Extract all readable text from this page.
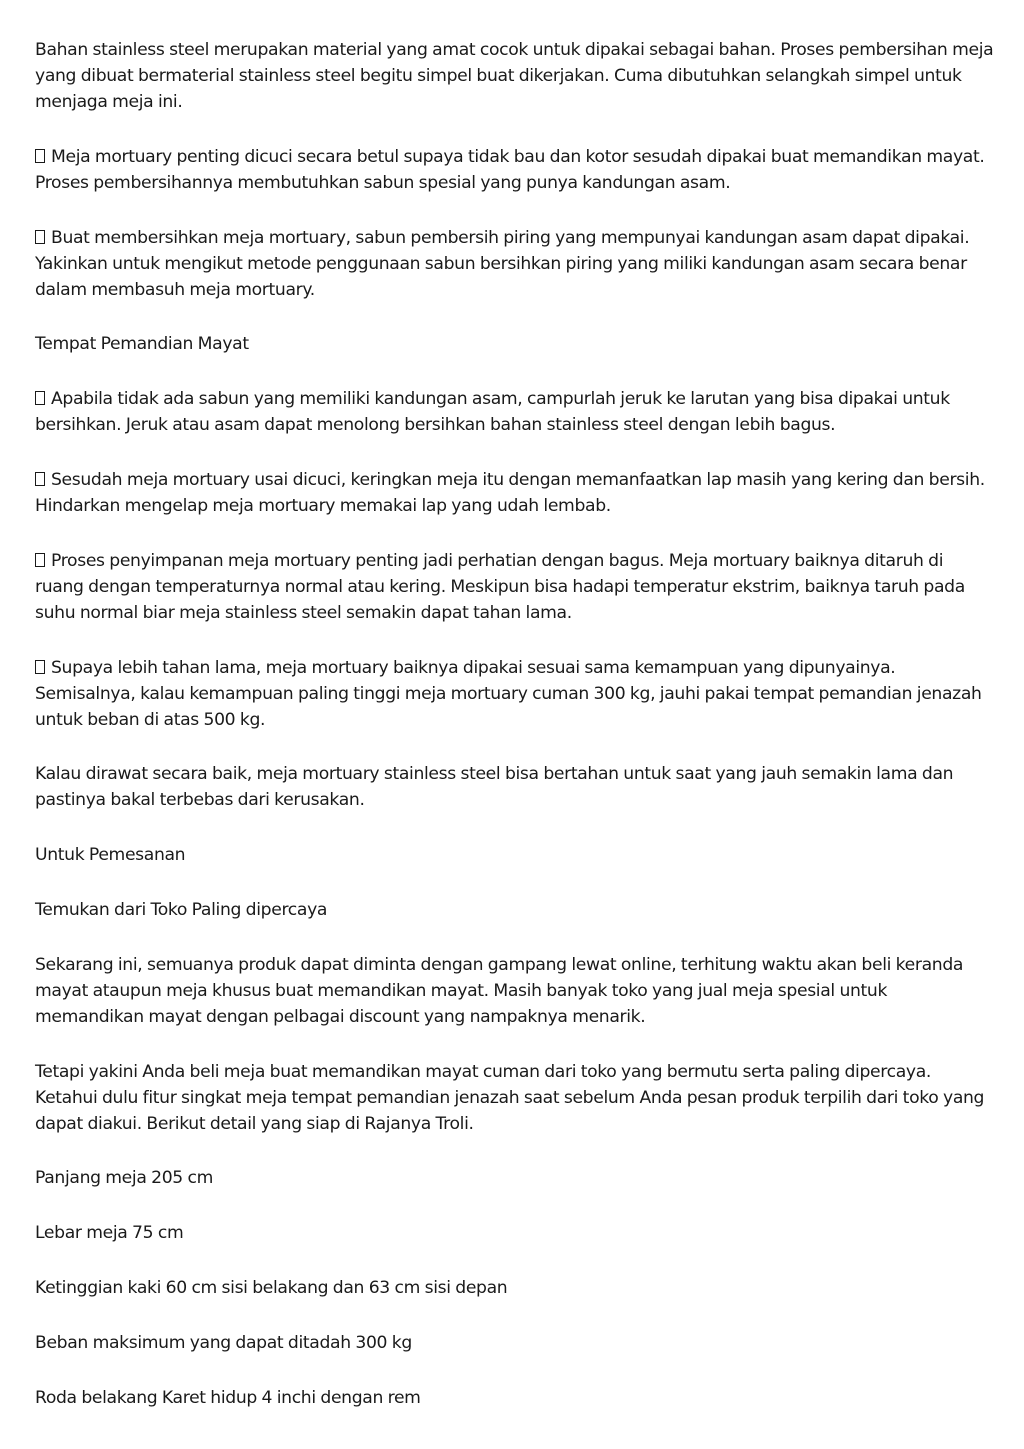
Bahan stainless steel merupakan material yang amat cocok untuk dipakai sebagai bahan. Proses pembersihan meja yang dibuat bermaterial stainless steel begitu simpel buat dikerjakan. Cuma dibutuhkan selangkah simpel untuk menjaga meja ini.

Meja mortuary penting dicuci secara betul supaya tidak bau dan kotor sesudah dipakai buat memandikan mayat. Proses pembersihannya membutuhkan sabun spesial yang punya kandungan asam.

Buat membersihkan meja mortuary, sabun pembersih piring yang mempunyai kandungan asam dapat dipakai. Yakinkan untuk mengikut metode penggunaan sabun bersihkan piring yang miliki kandungan asam secara benar dalam membasuh meja mortuary.

Tempat Pemandian Mayat

Apabila tidak ada sabun yang memiliki kandungan asam, campurlah jeruk ke larutan yang bisa dipakai untuk bersihkan. Jeruk atau asam dapat menolong bersihkan bahan stainless steel dengan lebih bagus.

Sesudah meja mortuary usai dicuci, keringkan meja itu dengan memanfaatkan lap masih yang kering dan bersih. Hindarkan mengelap meja mortuary memakai lap yang udah lembab.

Proses penyimpanan meja mortuary penting jadi perhatian dengan bagus. Meja mortuary baiknya ditaruh di ruang dengan temperaturnya normal atau kering. Meskipun bisa hadapi temperatur ekstrim, baiknya taruh pada suhu normal biar meja stainless steel semakin dapat tahan lama.

Supaya lebih tahan lama, meja mortuary baiknya dipakai sesuai sama kemampuan yang dipunyainya. Semisalnya, kalau kemampuan paling tinggi meja mortuary cuman 300 kg, jauhi pakai tempat pemandian jenazah untuk beban di atas 500 kg.

Kalau dirawat secara baik, meja mortuary stainless steel bisa bertahan untuk saat yang jauh semakin lama dan pastinya bakal terbebas dari kerusakan.

Untuk Pemesanan

Temukan dari Toko Paling dipercaya

Sekarang ini, semuanya produk dapat diminta dengan gampang lewat online, terhitung waktu akan beli keranda mayat ataupun meja khusus buat memandikan mayat. Masih banyak toko yang jual meja spesial untuk memandikan mayat dengan pelbagai discount yang nampaknya menarik.

Tetapi yakini Anda beli meja buat memandikan mayat cuman dari toko yang bermutu serta paling dipercaya. Ketahui dulu fitur singkat meja tempat pemandian jenazah saat sebelum Anda pesan produk terpilih dari toko yang dapat diakui. Berikut detail yang siap di Rajanya Troli.

Panjang meja 205 cm

Lebar meja 75 cm

Ketinggian kaki 60 cm sisi belakang dan 63 cm sisi depan

Beban maksimum yang dapat ditadah 300 kg

Roda belakang Karet hidup 4 inchi dengan rem
